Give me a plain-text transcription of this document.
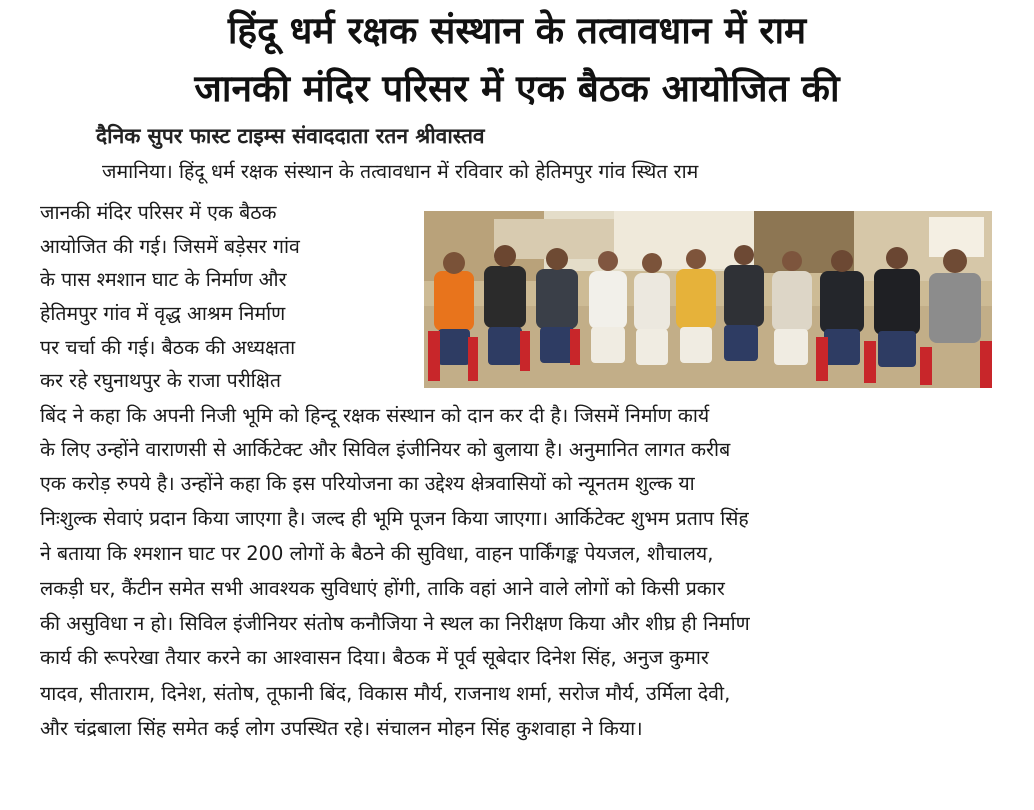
हिंदू धर्म रक्षक संस्थान के तत्वावधान में राम
जानकी मंदिर परिसर में एक बैठक आयोजित की

दैनिक सुपर फास्ट टाइम्स संवाददाता रतन श्रीवास्तव

जमानिया। हिंदू धर्म रक्षक संस्थान के तत्वावधान में रविवार को हेतिमपुर गांव स्थित राम

जानकी मंदिर परिसर में एक बैठक

आयोजित की गई। जिसमें बड़ेसर गांव

के पास श्मशान घाट के निर्माण और

हेतिमपुर गांव में वृद्ध आश्रम निर्माण

पर चर्चा की गई। बैठक की अध्यक्षता

कर रहे रघुनाथपुर के राजा परीक्षित

बिंद ने कहा कि अपनी निजी भूमि को हिन्दू रक्षक संस्थान को दान कर दी है। जिसमें निर्माण कार्य

के लिए उन्होंने वाराणसी से आर्किटेक्ट और सिविल इंजीनियर को बुलाया है। अनुमानित लागत करीब

एक करोड़ रुपये है। उन्होंने कहा कि इस परियोजना का उद्देश्य क्षेत्रवासियों को न्यूनतम शुल्क या

निःशुल्क सेवाएं प्रदान किया जाएगा है। जल्द ही भूमि पूजन किया जाएगा। आर्किटेक्ट शुभम प्रताप सिंह

ने बताया कि श्मशान घाट पर 200 लोगों के बैठने की सुविधा, वाहन पार्किंगङ्क पेयजल, शौचालय,

लकड़ी घर, कैंटीन समेत सभी आवश्यक सुविधाएं होंगी, ताकि वहां आने वाले लोगों को किसी प्रकार

की असुविधा न हो। सिविल इंजीनियर संतोष कनौजिया ने स्थल का निरीक्षण किया और शीघ्र ही निर्माण

कार्य की रूपरेखा तैयार करने का आश्वासन दिया। बैठक में पूर्व सूबेदार दिनेश सिंह, अनुज कुमार

यादव, सीताराम, दिनेश, संतोष, तूफानी बिंद, विकास मौर्य, राजनाथ शर्मा, सरोज मौर्य, उर्मिला देवी,

और चंद्रबाला सिंह समेत कई लोग उपस्थित रहे। संचालन मोहन सिंह कुशवाहा ने किया।
